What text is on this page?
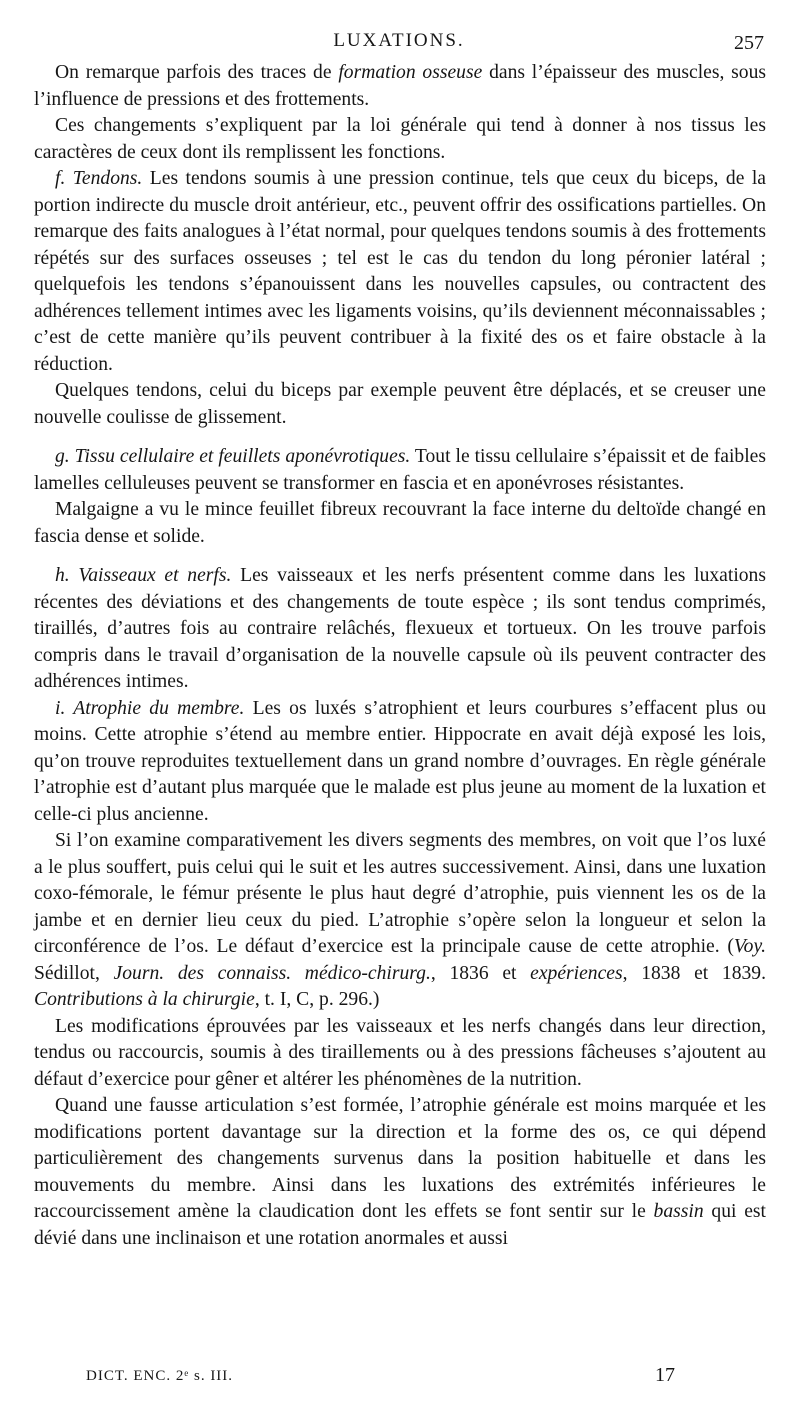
LUXATIONS.	257

On remarque parfois des traces de formation osseuse dans l’épaisseur des muscles, sous l’influence de pressions et des frottements.

Ces changements s’expliquent par la loi générale qui tend à donner à nos tissus les caractères de ceux dont ils remplissent les fonctions.

f. Tendons. Les tendons soumis à une pression continue, tels que ceux du biceps, de la portion indirecte du muscle droit antérieur, etc., peuvent offrir des ossifications partielles. On remarque des faits analogues à l’état normal, pour quelques tendons soumis à des frottements répétés sur des surfaces osseuses ; tel est le cas du tendon du long péronier latéral ; quelquefois les tendons s’épanouissent dans les nouvelles capsules, ou contractent des adhérences tellement intimes avec les ligaments voisins, qu’ils deviennent méconnaissables ; c’est de cette manière qu’ils peuvent contribuer à la fixité des os et faire obstacle à la réduction.

Quelques tendons, celui du biceps par exemple peuvent être déplacés, et se creuser une nouvelle coulisse de glissement.

g. Tissu cellulaire et feuillets aponévrotiques. Tout le tissu cellulaire s’épaissit et de faibles lamelles celluleuses peuvent se transformer en fascia et en aponévroses résistantes.

Malgaigne a vu le mince feuillet fibreux recouvrant la face interne du deltoïde changé en fascia dense et solide.

h. Vaisseaux et nerfs. Les vaisseaux et les nerfs présentent comme dans les luxations récentes des déviations et des changements de toute espèce ; ils sont tendus comprimés, tiraillés, d’autres fois au contraire relâchés, flexueux et tortueux. On les trouve parfois compris dans le travail d’organisation de la nouvelle capsule où ils peuvent contracter des adhérences intimes.

i. Atrophie du membre. Les os luxés s’atrophient et leurs courbures s’effacent plus ou moins. Cette atrophie s’étend au membre entier. Hippocrate en avait déjà exposé les lois, qu’on trouve reproduites textuellement dans un grand nombre d’ouvrages. En règle générale l’atrophie est d’autant plus marquée que le malade est plus jeune au moment de la luxation et celle-ci plus ancienne.

Si l’on examine comparativement les divers segments des membres, on voit que l’os luxé a le plus souffert, puis celui qui le suit et les autres successivement. Ainsi, dans une luxation coxo-fémorale, le fémur présente le plus haut degré d’atrophie, puis viennent les os de la jambe et en dernier lieu ceux du pied. L’atrophie s’opère selon la longueur et selon la circonférence de l’os. Le défaut d’exercice est la principale cause de cette atrophie. (Voy. Sédillot, Journ. des connaiss. médico-chirurg., 1836 et expériences, 1838 et 1839. Contributions à la chirurgie, t. I, C, p. 296.)

Les modifications éprouvées par les vaisseaux et les nerfs changés dans leur direction, tendus ou raccourcis, soumis à des tiraillements ou à des pressions fâcheuses s’ajoutent au défaut d’exercice pour gêner et altérer les phénomènes de la nutrition.

Quand une fausse articulation s’est formée, l’atrophie générale est moins marquée et les modifications portent davantage sur la direction et la forme des os, ce qui dépend particulièrement des changements survenus dans la position habituelle et dans les mouvements du membre. Ainsi dans les luxations des extrémités inférieures le raccourcissement amène la claudication dont les effets se font sentir sur le bassin qui est dévié dans une inclinaison et une rotation anormales et aussi

DICT. ENC. 2ᵉ s. III.	17
